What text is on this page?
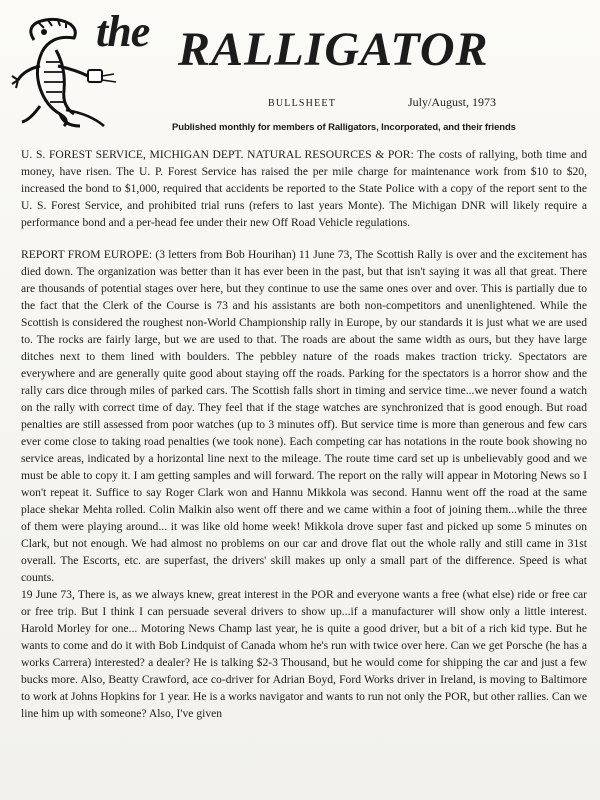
the RALLIGATOR
BULLSHEET	July/August, 1973
Published monthly for members of Ralligators, Incorporated, and their friends
U. S. FOREST SERVICE, MICHIGAN DEPT. NATURAL RESOURCES & POR: The costs of rallying, both time and money, have risen. The U. P. Forest Service has raised the per mile charge for maintenance work from $10 to $20, increased the bond to $1,000, required that accidents be reported to the State Police with a copy of the report sent to the U. S. Forest Service, and prohibited trial runs (refers to last years Monte). The Michigan DNR will likely require a performance bond and a per-head fee under their new Off Road Vehicle regulations.
REPORT FROM EUROPE: (3 letters from Bob Hourihan) 11 June 73, The Scottish Rally is over and the excitement has died down. The organization was better than it has ever been in the past, but that isn't saying it was all that great. There are thousands of potential stages over here, but they continue to use the same ones over and over. This is partially due to the fact that the Clerk of the Course is 73 and his assistants are both non-competitors and unenlightened. While the Scottish is considered the roughest non-World Championship rally in Europe, by our standards it is just what we are used to. The rocks are fairly large, but we are used to that. The roads are about the same width as ours, but they have large ditches next to them lined with boulders. The pebbley nature of the roads makes traction tricky. Spectators are everywhere and are generally quite good about staying off the roads. Parking for the spectators is a horror show and the rally cars dice through miles of parked cars. The Scottish falls short in timing and service time...we never found a watch on the rally with correct time of day. They feel that if the stage watches are synchronized that is good enough. But road penalties are still assessed from poor watches (up to 3 minutes off). But service time is more than generous and few cars ever come close to taking road penalties (we took none). Each competing car has notations in the route book showing no service areas, indicated by a horizontal line next to the mileage. The route time card set up is unbelievably good and we must be able to copy it. I am getting samples and will forward. The report on the rally will appear in Motoring News so I won't repeat it. Suffice to say Roger Clark won and Hannu Mikkola was second. Hannu went off the road at the same place shekar Mehta rolled. Colin Malkin also went off there and we came within a foot of joining them...while the three of them were playing around... it was like old home week! Mikkola drove super fast and picked up some 5 minutes on Clark, but not enough. We had almost no problems on our car and drove flat out the whole rally and still came in 31st overall. The Escorts, etc. are superfast, the drivers' skill makes up only a small part of the difference. Speed is what counts.
19 June 73, There is, as we always knew, great interest in the POR and everyone wants a free (what else) ride or free car or free trip. But I think I can persuade several drivers to show up...if a manufacturer will show only a little interest. Harold Morley for one... Motoring News Champ last year, he is quite a good driver, but a bit of a rich kid type. But he wants to come and do it with Bob Lindquist of Canada whom he's run with twice over here. Can we get Porsche (he has a works Carrera) interested? a dealer? He is talking $2-3 Thousand, but he would come for shipping the car and just a few bucks more. Also, Beatty Crawford, ace co-driver for Adrian Boyd, Ford Works driver in Ireland, is moving to Baltimore to work at Johns Hopkins for 1 year. He is a works navigator and wants to run not only the POR, but other rallies. Can we line him up with someone? Also, I've given
